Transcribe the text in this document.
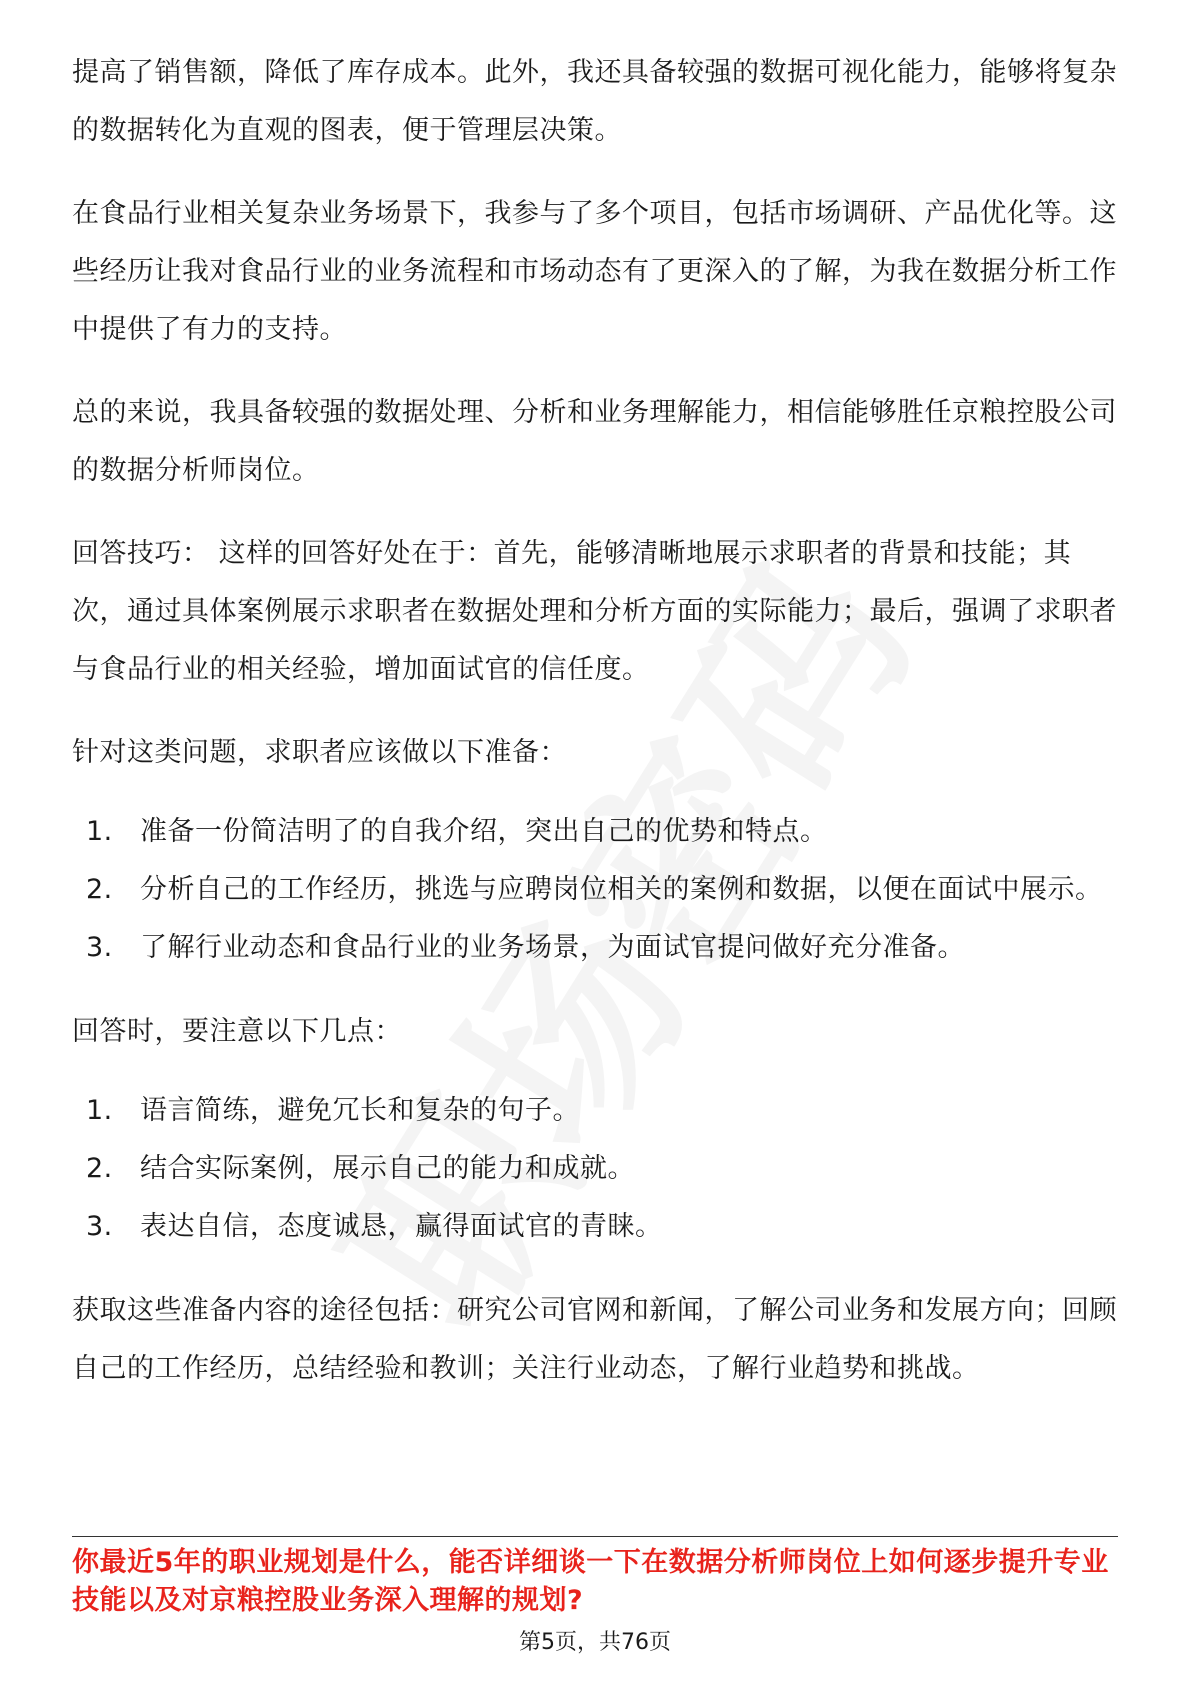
提高了销售额，降低了库存成本。此外，我还具备较强的数据可视化能力，能够将复杂的数据转化为直观的图表，便于管理层决策。

在食品行业相关复杂业务场景下，我参与了多个项目，包括市场调研、产品优化等。这些经历让我对食品行业的业务流程和市场动态有了更深入的了解，为我在数据分析工作中提供了有力的支持。

总的来说，我具备较强的数据处理、分析和业务理解能力，相信能够胜任京粮控股公司的数据分析师岗位。

回答技巧： 这样的回答好处在于：首先，能够清晰地展示求职者的背景和技能；其次，通过具体案例展示求职者在数据处理和分析方面的实际能力；最后，强调了求职者与食品行业的相关经验，增加面试官的信任度。

针对这类问题，求职者应该做以下准备：

1.	准备一份简洁明了的自我介绍，突出自己的优势和特点。
2.	分析自己的工作经历，挑选与应聘岗位相关的案例和数据，以便在面试中展示。
3.	了解行业动态和食品行业的业务场景，为面试官提问做好充分准备。

回答时，要注意以下几点：

1.	语言简练，避免冗长和复杂的句子。
2.	结合实际案例，展示自己的能力和成就。
3.	表达自信，态度诚恳，赢得面试官的青睐。

获取这些准备内容的途径包括：研究公司官网和新闻，了解公司业务和发展方向；回顾自己的工作经历，总结经验和教训；关注行业动态，了解行业趋势和挑战。

你最近5年的职业规划是什么，能否详细谈一下在数据分析师岗位上如何逐步提升专业技能以及对京粮控股业务深入理解的规划?
第5页，共76页
